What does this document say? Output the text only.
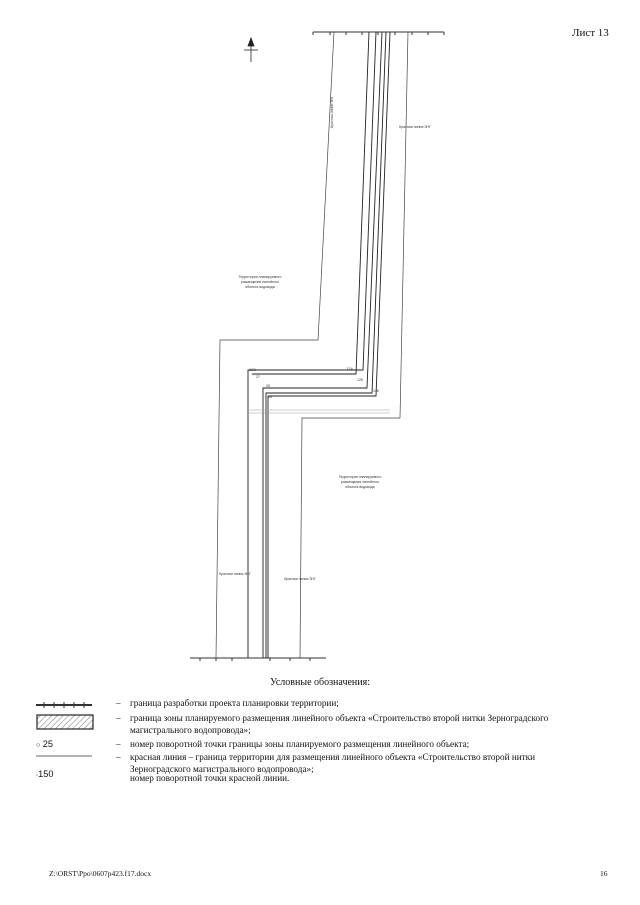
Лист 13
Красная линия ЗНГ	Красная линия ЗНГ
Красная линия ЗНГ
Красная линия ЗНГ
Территория планируемого
размещения линейного
объекта водовода
Территория планируемого
размещения линейного
объекта водовода
120	124
125
126
25
27
28
Условные обозначения:
– граница разработки проекта планировки территории;
– граница зоны планируемого размещения линейного объекта «Строительство второй нитки Зерноградского магистрального водопровода»;
○ 25	– номер поворотной точки границы зоны планируемого размещения линейного объекта;
– красная линия – граница территории для размещения линейного объекта «Строительство второй нитки Зерноградского магистрального водопровода»;
◦150	номер поворотной точки красной линии.
Z:\ORST\Ppo\0607p423.f17.docx	16
